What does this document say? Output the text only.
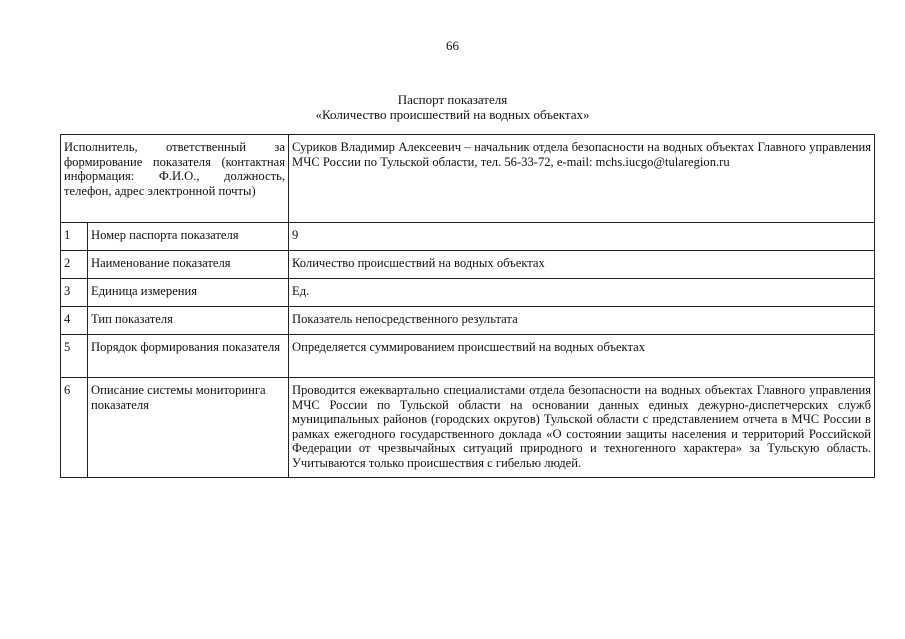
66
Паспорт показателя
«Количество происшествий на водных объектах»
Исполнитель, ответственный за формирование показателя (контактная информация: Ф.И.О., должность, телефон, адрес электронной почты)		Суриков Владимир Алексеевич – начальник отдела безопасности на водных объектах Главного управления МЧС России по Тульской области, тел. 56-33-72, e-mail: mchs.iucgo@tularegion.ru
1	Номер паспорта показателя	9
2	Наименование показателя	Количество происшествий на водных объектах
3	Единица измерения	Ед.
4	Тип показателя	Показатель непосредственного результата
5	Порядок формирования показателя	Определяется суммированием происшествий на водных объектах
6	Описание системы мониторинга показателя	Проводится ежеквартально специалистами отдела безопасности на водных объектах Главного управления МЧС России по Тульской области на основании данных единых дежурно-диспетчерских служб муниципальных районов (городских округов) Тульской области с представлением отчета в МЧС России в рамках ежегодного государственного доклада «О состоянии защиты населения и территорий Российской Федерации от чрезвычайных ситуаций природного и техногенного характера» за Тульскую область. Учитываются только происшествия с гибелью людей.
